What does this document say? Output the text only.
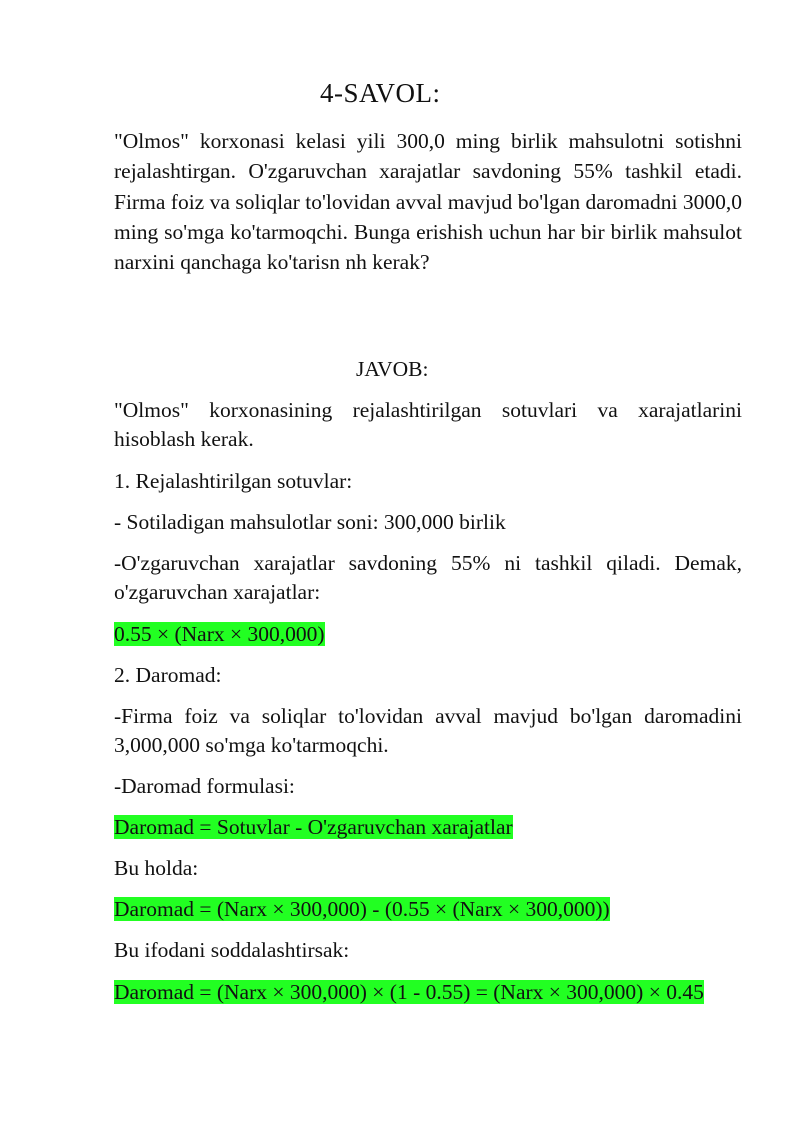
4-SAVOL:
"Olmos" korxonasi kelasi yili 300,0 ming birlik mahsulotni sotishni rejalashtirgan. O'zgaruvchan xarajatlar savdoning 55% tashkil etadi. Firma foiz va soliqlar to'lovidan avval mavjud bo'lgan daromadni 3000,0 ming so'mga ko'tarmoqchi. Bunga erishish uchun har bir birlik mahsulot narxini qanchaga ko'tarisn nh kerak?
JAVOB:
"Olmos" korxonasining rejalashtirilgan sotuvlari va xarajatlarini hisoblash kerak.
1. Rejalashtirilgan sotuvlar:
- Sotiladigan mahsulotlar soni: 300,000 birlik
-O'zgaruvchan xarajatlar savdoning 55% ni tashkil qiladi. Demak, o'zgaruvchan xarajatlar:
0.55 × (Narx × 300,000)
2. Daromad:
-Firma foiz va soliqlar to'lovidan avval mavjud bo'lgan daromadini 3,000,000 so'mga ko'tarmoqchi.
-Daromad formulasi:
Daromad = Sotuvlar - O'zgaruvchan xarajatlar
Bu holda:
Daromad = (Narx × 300,000) - (0.55 × (Narx × 300,000))
Bu ifodani soddalashtirsak:
Daromad = (Narx × 300,000) × (1 - 0.55) = (Narx × 300,000) × 0.45
